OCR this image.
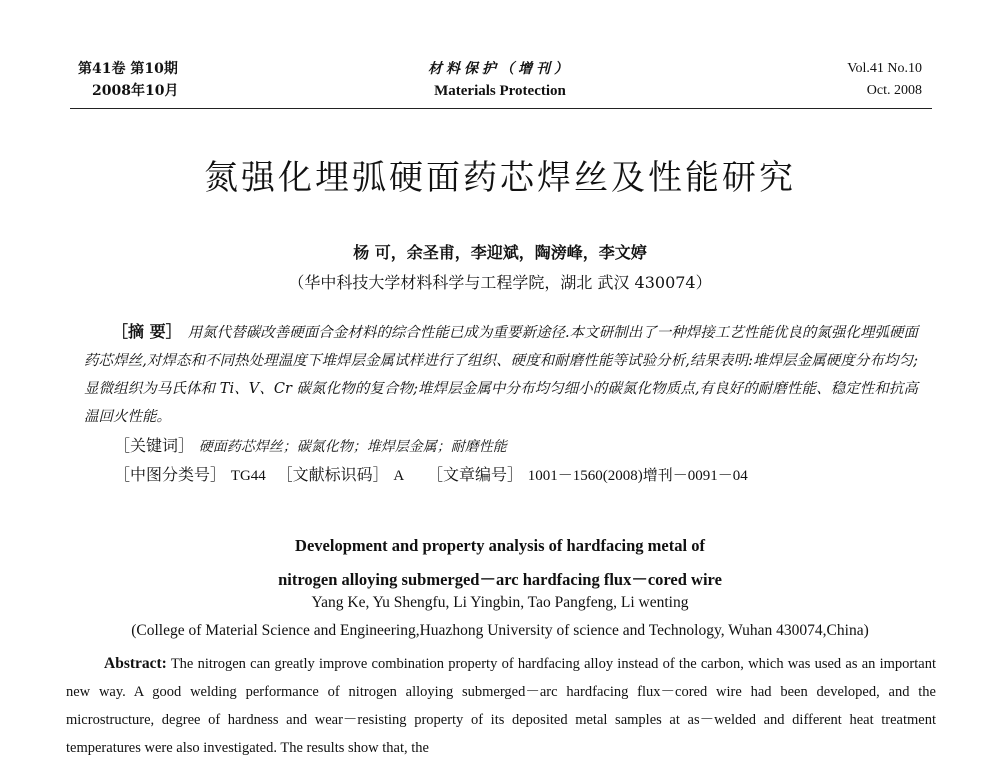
第41卷 第10期
2008年10月
材料保护（增刊）
Materials Protection
Vol.41 No.10
Oct. 2008
氮强化埋弧硬面药芯焊丝及性能研究
杨 可，余圣甫，李迎斌，陶滂峰，李文婷
（华中科技大学材料科学与工程学院，湖北 武汉 430074）
［摘 要］ 用氮代替碳改善硬面合金材料的综合性能已成为重要新途径.本文研制出了一种焊接工艺性能优良的氮强化埋弧硬面药芯焊丝,对焊态和不同热处理温度下堆焊层金属试样进行了组织、硬度和耐磨性能等试验分析,结果表明:堆焊层金属硬度分布均匀;显微组织为马氏体和 Ti、V、Cr 碳氮化物的复合物;堆焊层金属中分布均匀细小的碳氮化物质点,有良好的耐磨性能、稳定性和抗高温回火性能。
［关键词］ 硬面药芯焊丝；碳氮化物；堆焊层金属；耐磨性能
［中图分类号］ TG44 ［文献标识码］ A ［文章编号］ 1001－1560(2008)增刊－0091－04
Development and property analysis of hardfacing metal of
nitrogen alloying submerged－arc hardfacing flux－cored wire
Yang Ke, Yu Shengfu, Li Yingbin, Tao Pangfeng, Li wenting
(College of Material Science and Engineering,Huazhong University of science and Technology, Wuhan 430074,China)
Abstract: The nitrogen can greatly improve combination property of hardfacing alloy instead of the carbon, which was used as an important new way. A good welding performance of nitrogen alloying submerged－arc hardfacing flux－cored wire had been developed, and the microstructure, degree of hardness and wear－resisting property of its deposited metal samples at as－welded and different heat treatment temperatures were also investigated. The results show that, the
